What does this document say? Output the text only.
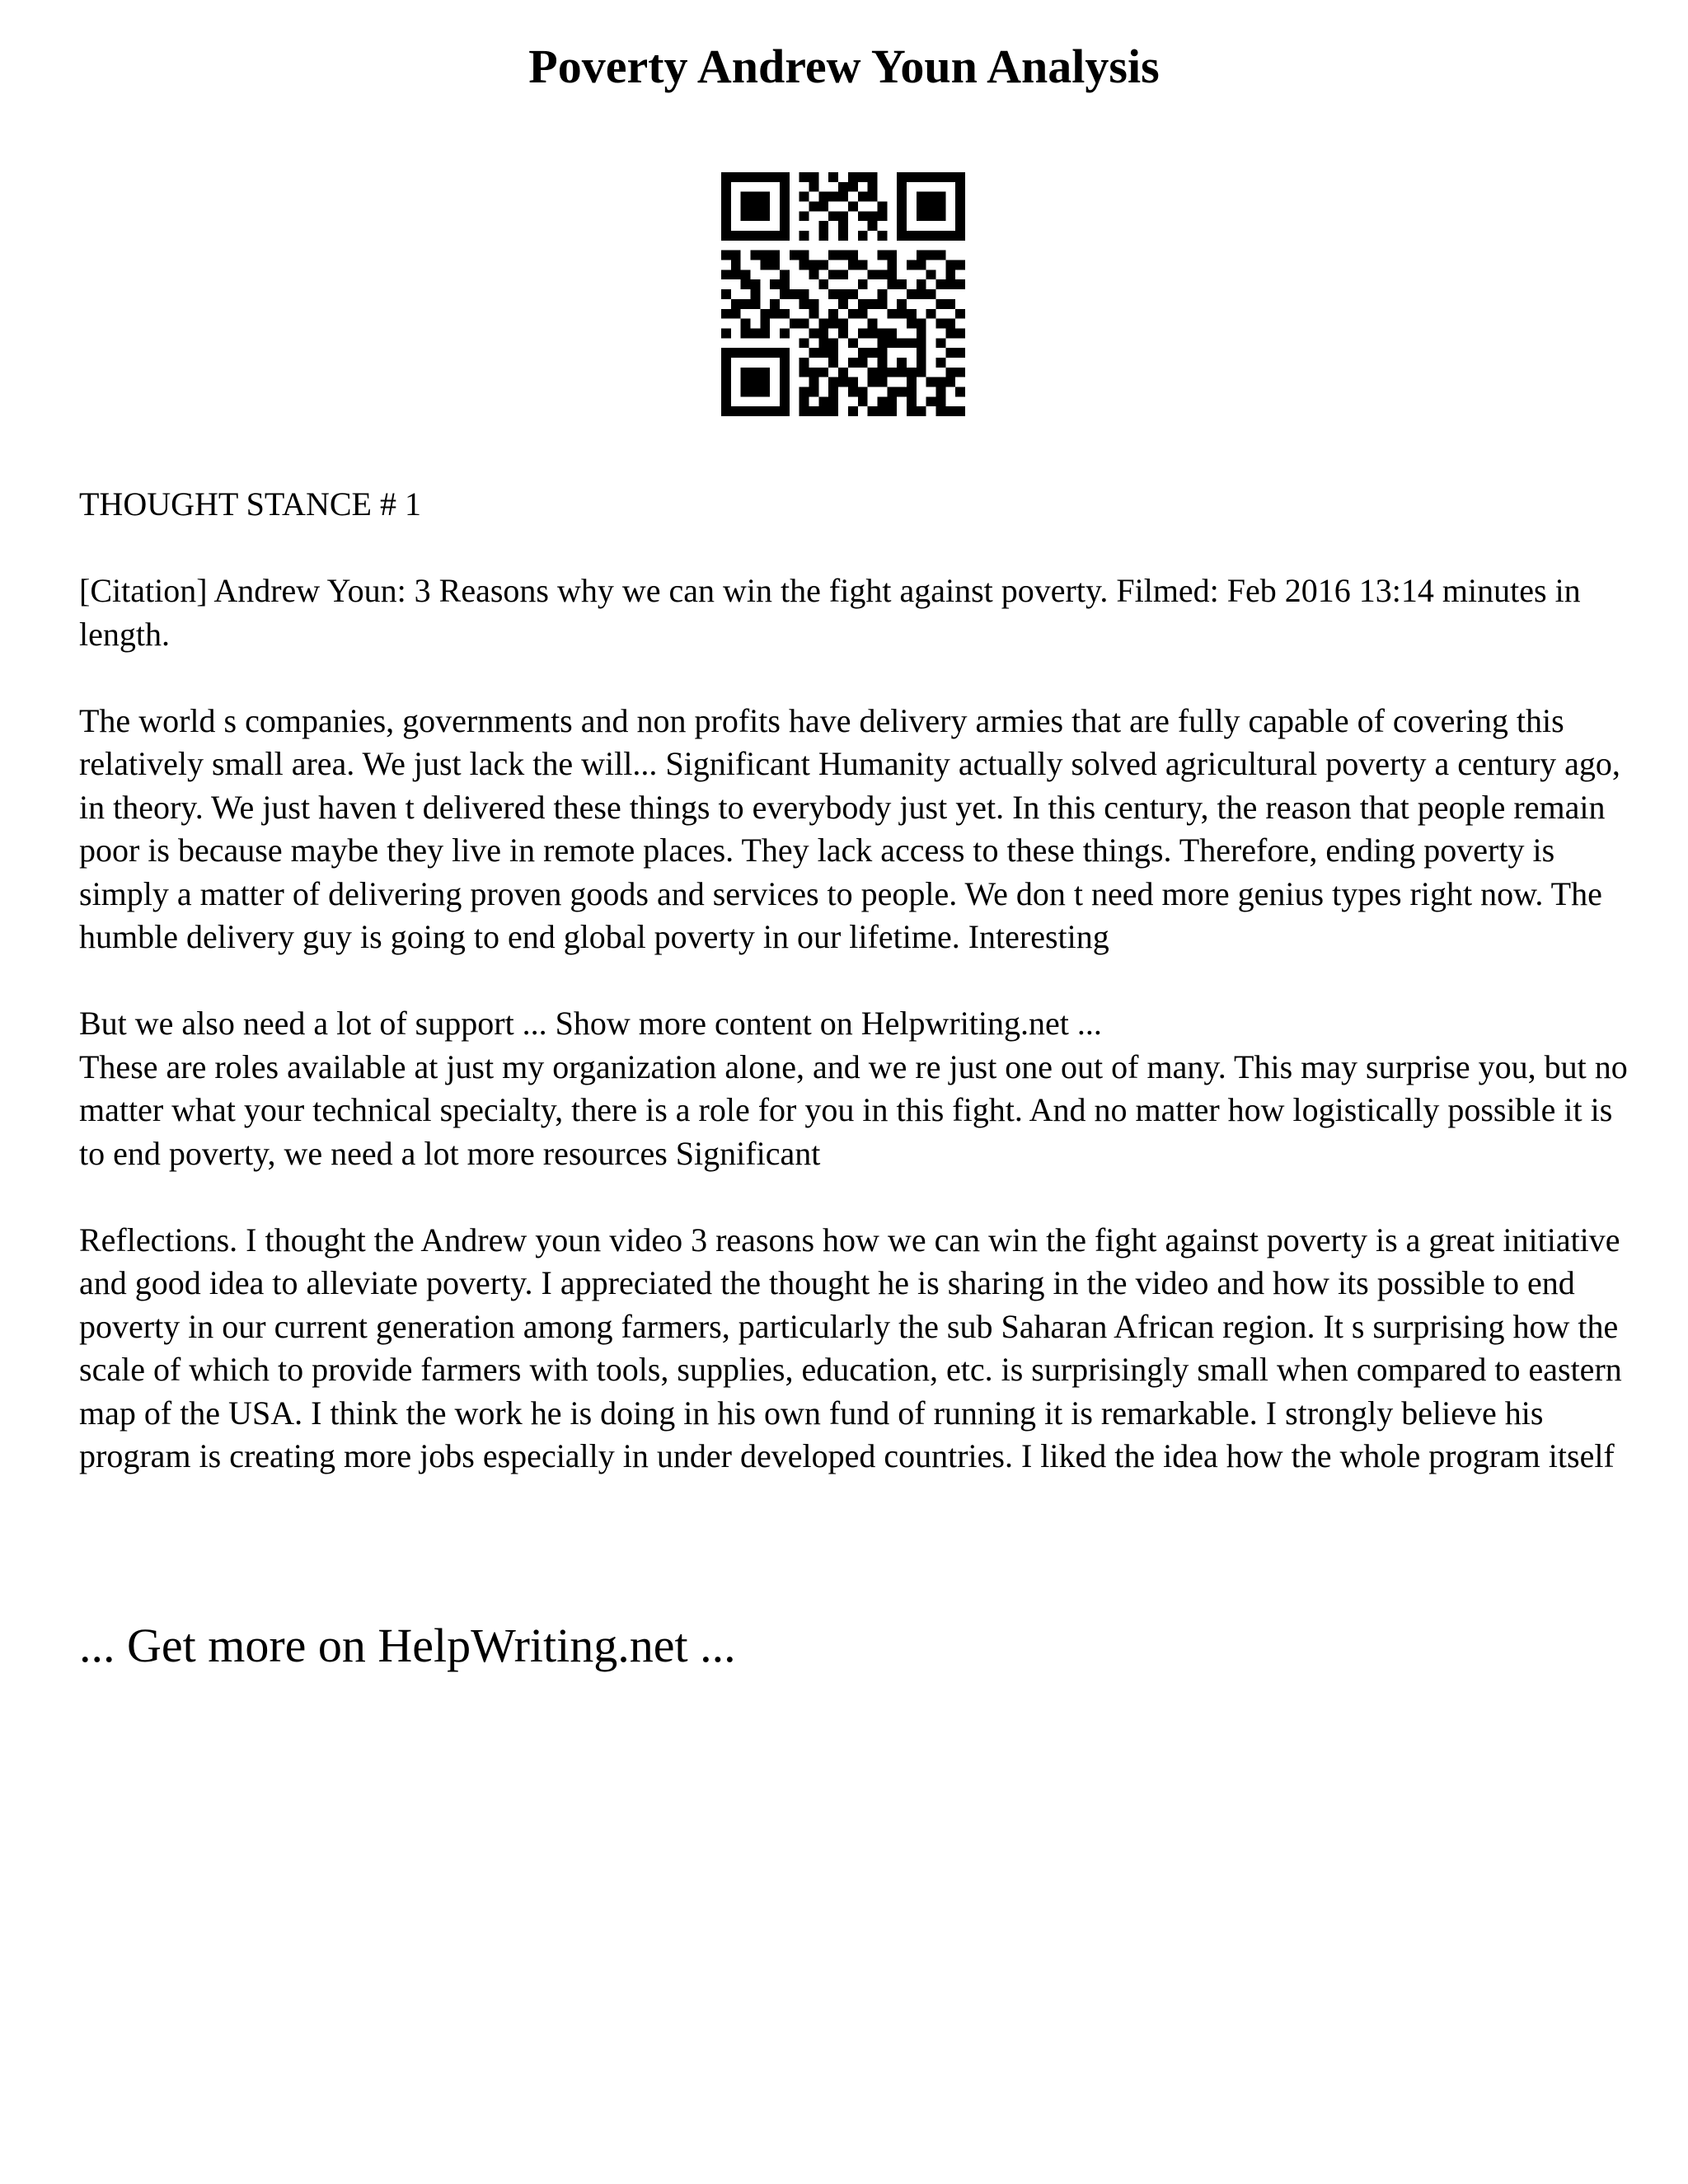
Poverty Andrew Youn Analysis

THOUGHT STANCE # 1

[Citation] Andrew Youn: 3 Reasons why we can win the fight against poverty. Filmed: Feb 2016 13:14 minutes in length.

The world s companies, governments and non profits have delivery armies that are fully capable of covering this relatively small area. We just lack the will... Significant Humanity actually solved agricultural poverty a century ago, in theory. We just haven t delivered these things to everybody just yet. In this century, the reason that people remain poor is because maybe they live in remote places. They lack access to these things. Therefore, ending poverty is simply a matter of delivering proven goods and services to people. We don t need more genius types right now. The humble delivery guy is going to end global poverty in our lifetime. Interesting

But we also need a lot of support ... Show more content on Helpwriting.net ...

These are roles available at just my organization alone, and we re just one out of many. This may surprise you, but no matter what your technical specialty, there is a role for you in this fight. And no matter how logistically possible it is to end poverty, we need a lot more resources Significant

Reflections. I thought the Andrew youn video 3 reasons how we can win the fight against poverty is a great initiative and good idea to alleviate poverty. I appreciated the thought he is sharing in the video and how its possible to end poverty in our current generation among farmers, particularly the sub Saharan African region. It s surprising how the scale of which to provide farmers with tools, supplies, education, etc. is surprisingly small when compared to eastern map of the USA. I think the work he is doing in his own fund of running it is remarkable. I strongly believe his program is creating more jobs especially in under developed countries. I liked the idea how the whole program itself

... Get more on HelpWriting.net ...
